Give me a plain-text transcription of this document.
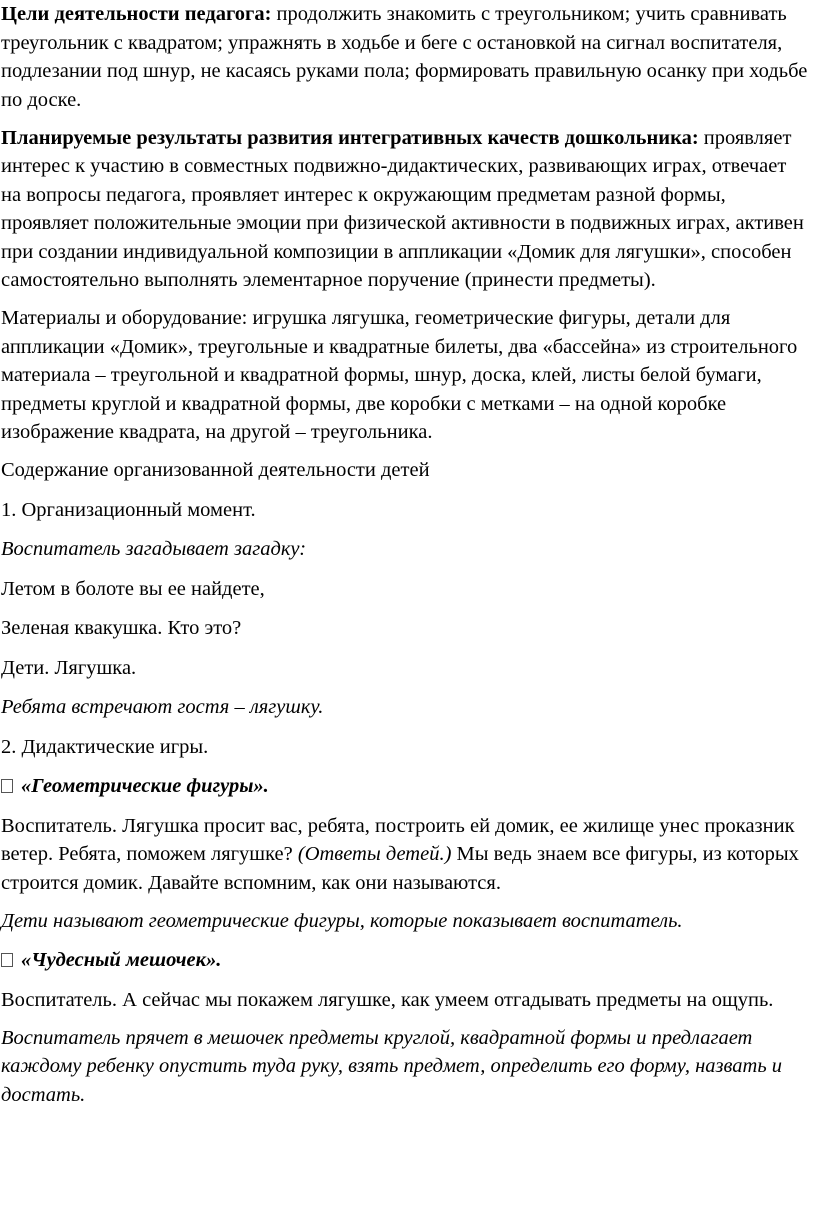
Цели деятельности педагога: продолжить знакомить с треугольником; учить сравнивать треугольник с квадратом; упражнять в ходьбе и беге с остановкой на сигнал воспитателя, подлезании под шнур, не касаясь руками пола; формировать правильную осанку при ходьбе по доске.

Планируемые результаты развития интегративных качеств дошкольника: проявляет интерес к участию в совместных подвижно-дидактических, развивающих играх, отвечает на вопросы педагога, проявляет интерес к окружающим предметам разной формы, проявляет положительные эмоции при физической активности в подвижных играх, активен при создании индивидуальной композиции в аппликации «Домик для лягушки», способен самостоятельно выполнять элементарное поручение (принести предметы).

Материалы и оборудование: игрушка лягушка, геометрические фигуры, детали для аппликации «Домик», треугольные и квадратные билеты, два «бассейна» из строительного материала – треугольной и квадратной формы, шнур, доска, клей, листы белой бумаги, предметы круглой и квадратной формы, две коробки с метками – на одной коробке изображение квадрата, на другой – треугольника.

Содержание организованной деятельности детей

1. Организационный момент.

Воспитатель загадывает загадку:

Летом в болоте вы ее найдете,

Зеленая квакушка. Кто это?

Дети. Лягушка.

Ребята встречают гостя – лягушку.

2. Дидактические игры.

«Геометрические фигуры».

Воспитатель. Лягушка просит вас, ребята, построить ей домик, ее жилище унес проказник ветер. Ребята, поможем лягушке? (Ответы детей.) Мы ведь знаем все фигуры, из которых строится домик. Давайте вспомним, как они называются.

Дети называют геометрические фигуры, которые показывает воспитатель.

«Чудесный мешочек».

Воспитатель. А сейчас мы покажем лягушке, как умеем отгадывать предметы на ощупь.

Воспитатель прячет в мешочек предметы круглой, квадратной формы и предлагает каждому ребенку опустить туда руку, взять предмет, определить его форму, назвать и достать.
